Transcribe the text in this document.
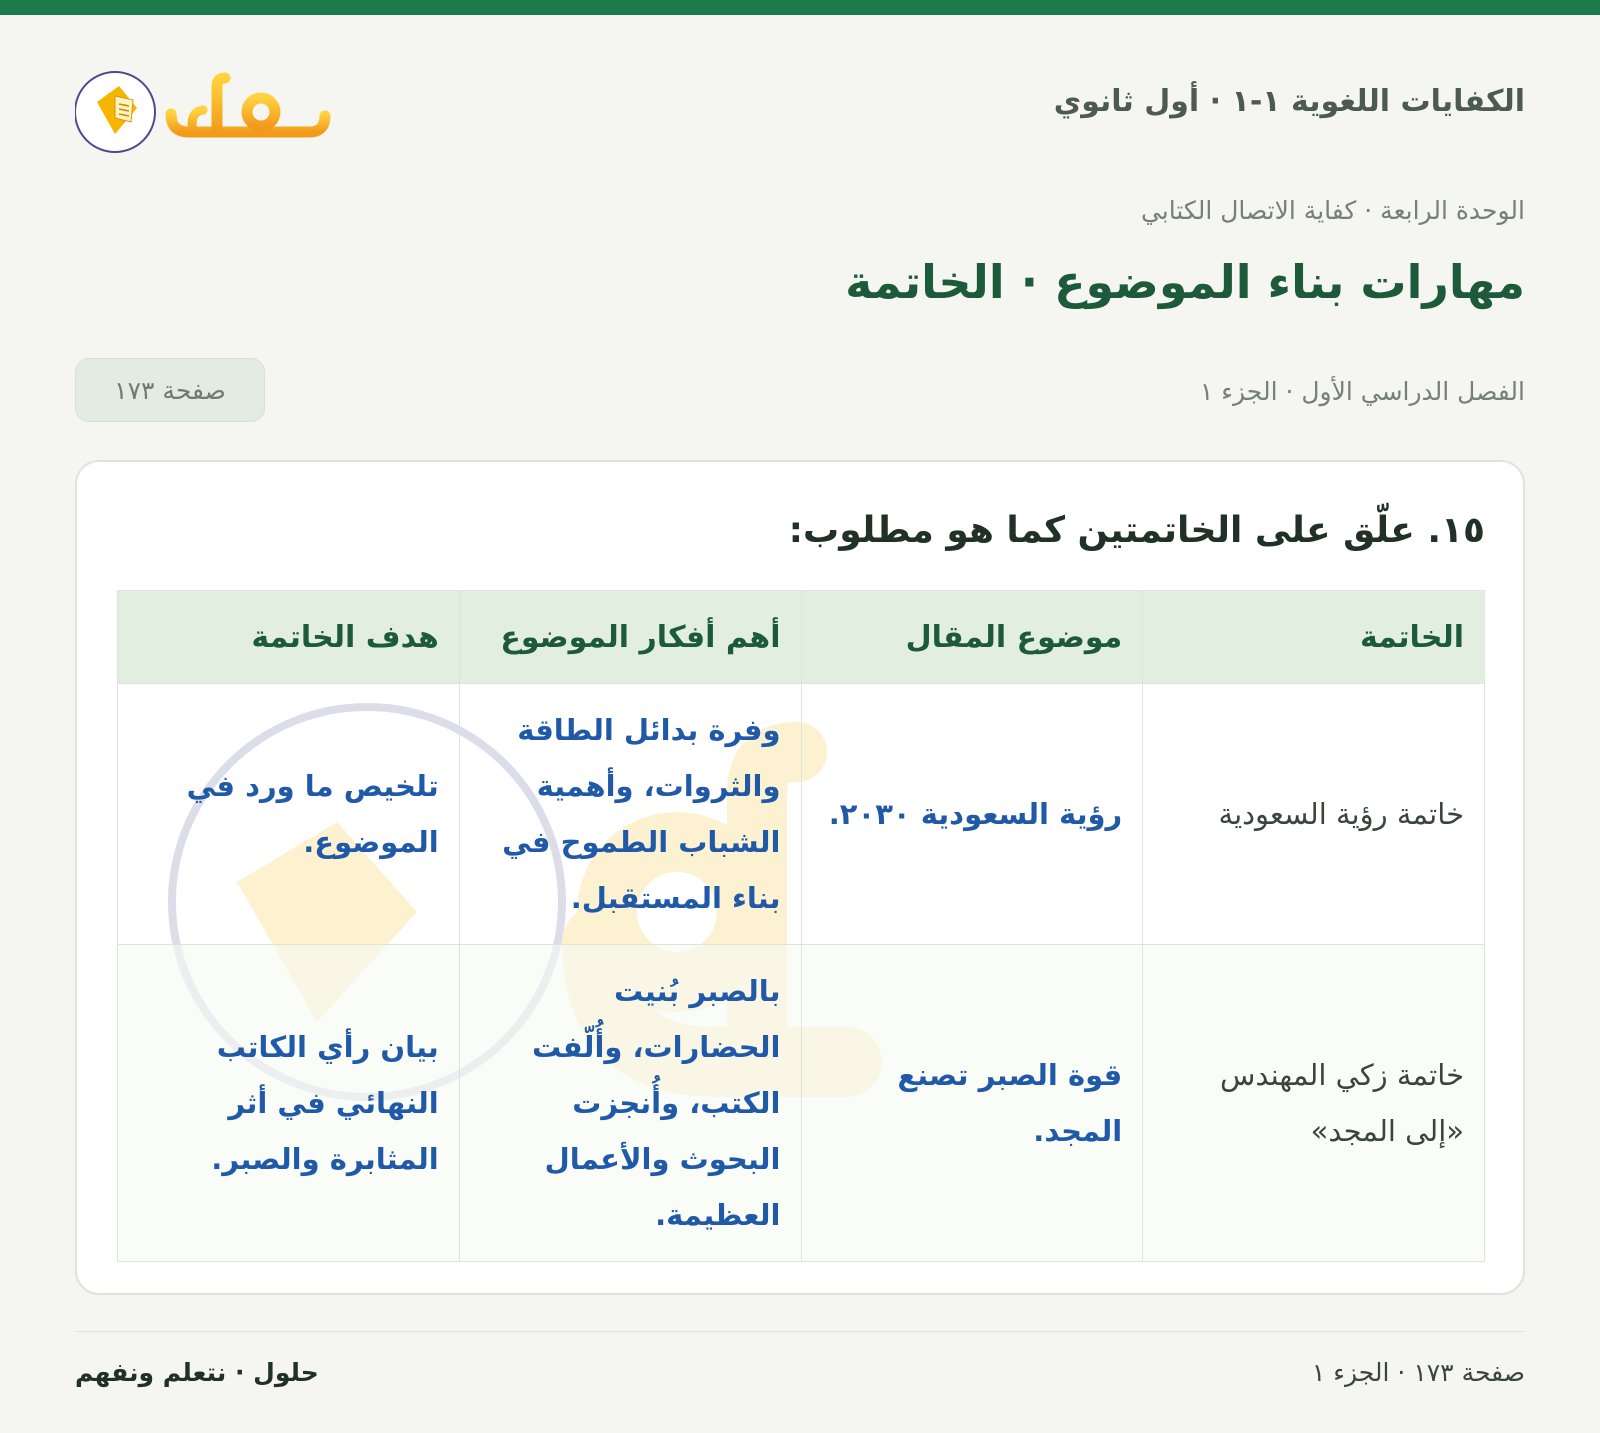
الكفايات اللغوية ١-١ · أول ثانوي
الوحدة الرابعة · كفاية الاتصال الكتابي
مهارات بناء الموضوع · الخاتمة
الفصل الدراسي الأول · الجزء ١
صفحة ١٧٣
١٥. علّق على الخاتمتين كما هو مطلوب:
الخاتمة	موضوع المقال	أهم أفكار الموضوع	هدف الخاتمة
خاتمة رؤية السعودية	رؤية السعودية ٢٠٣٠.	وفرة بدائل الطاقة والثروات، وأهمية الشباب الطموح في بناء المستقبل.	تلخيص ما ورد في الموضوع.
خاتمة زكي المهندس «إلى المجد»	قوة الصبر تصنع المجد.	بالصبر بُنيت الحضارات، وأُلّفت الكتب، وأُنجزت البحوث والأعمال العظيمة.	بيان رأي الكاتب النهائي في أثر المثابرة والصبر.
صفحة ١٧٣ · الجزء ١
حلول · نتعلم ونفهم
